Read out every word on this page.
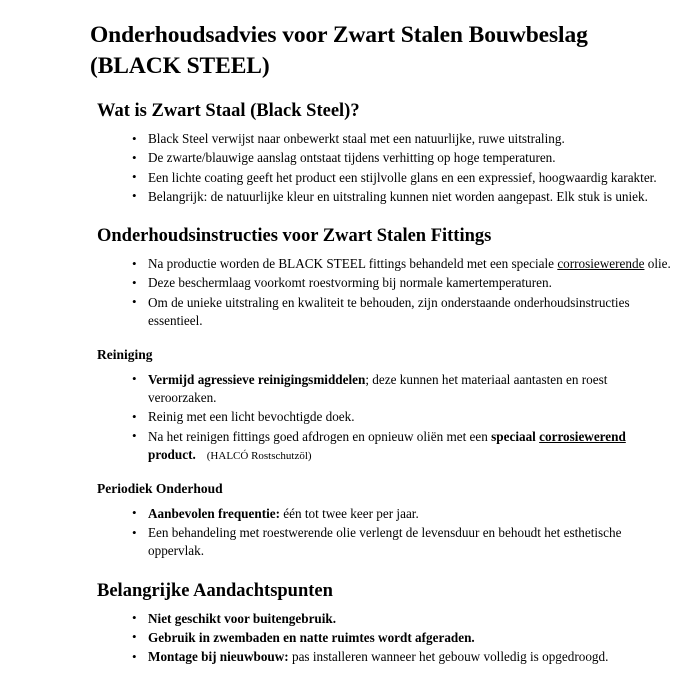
Onderhoudsadvies voor Zwart Stalen Bouwbeslag (BLACK STEEL)
Wat is Zwart Staal (Black Steel)?
• Black Steel verwijst naar onbewerkt staal met een natuurlijke, ruwe uitstraling.
• De zwarte/blauwige aanslag ontstaat tijdens verhitting op hoge temperaturen.
• Een lichte coating geeft het product een stijlvolle glans en een expressief, hoogwaardig karakter.
• Belangrijk: de natuurlijke kleur en uitstraling kunnen niet worden aangepast. Elk stuk is uniek.
Onderhoudsinstructies voor Zwart Stalen Fittings
• Na productie worden de BLACK STEEL fittings behandeld met een speciale corrosiewerende olie.
• Deze beschermlaag voorkomt roestvorming bij normale kamertemperaturen.
• Om de unieke uitstraling en kwaliteit te behouden, zijn onderstaande onderhoudsinstructies essentieel.
Reiniging
• Vermijd agressieve reinigingsmiddelen; deze kunnen het materiaal aantasten en roest veroorzaken.
• Reinig met een licht bevochtigde doek.
• Na het reinigen fittings goed afdrogen en opnieuw oliën met een speciaal corrosiewerend product. (HALCÓ Rostschutzöl)
Periodiek Onderhoud
• Aanbevolen frequentie: één tot twee keer per jaar.
• Een behandeling met roestwerende olie verlengt de levensduur en behoudt het esthetische oppervlak.
Belangrijke Aandachtspunten
• Niet geschikt voor buitengebruik.
• Gebruik in zwembaden en natte ruimtes wordt afgeraden.
• Montage bij nieuwbouw: pas installeren wanneer het gebouw volledig is opgedroogd.
